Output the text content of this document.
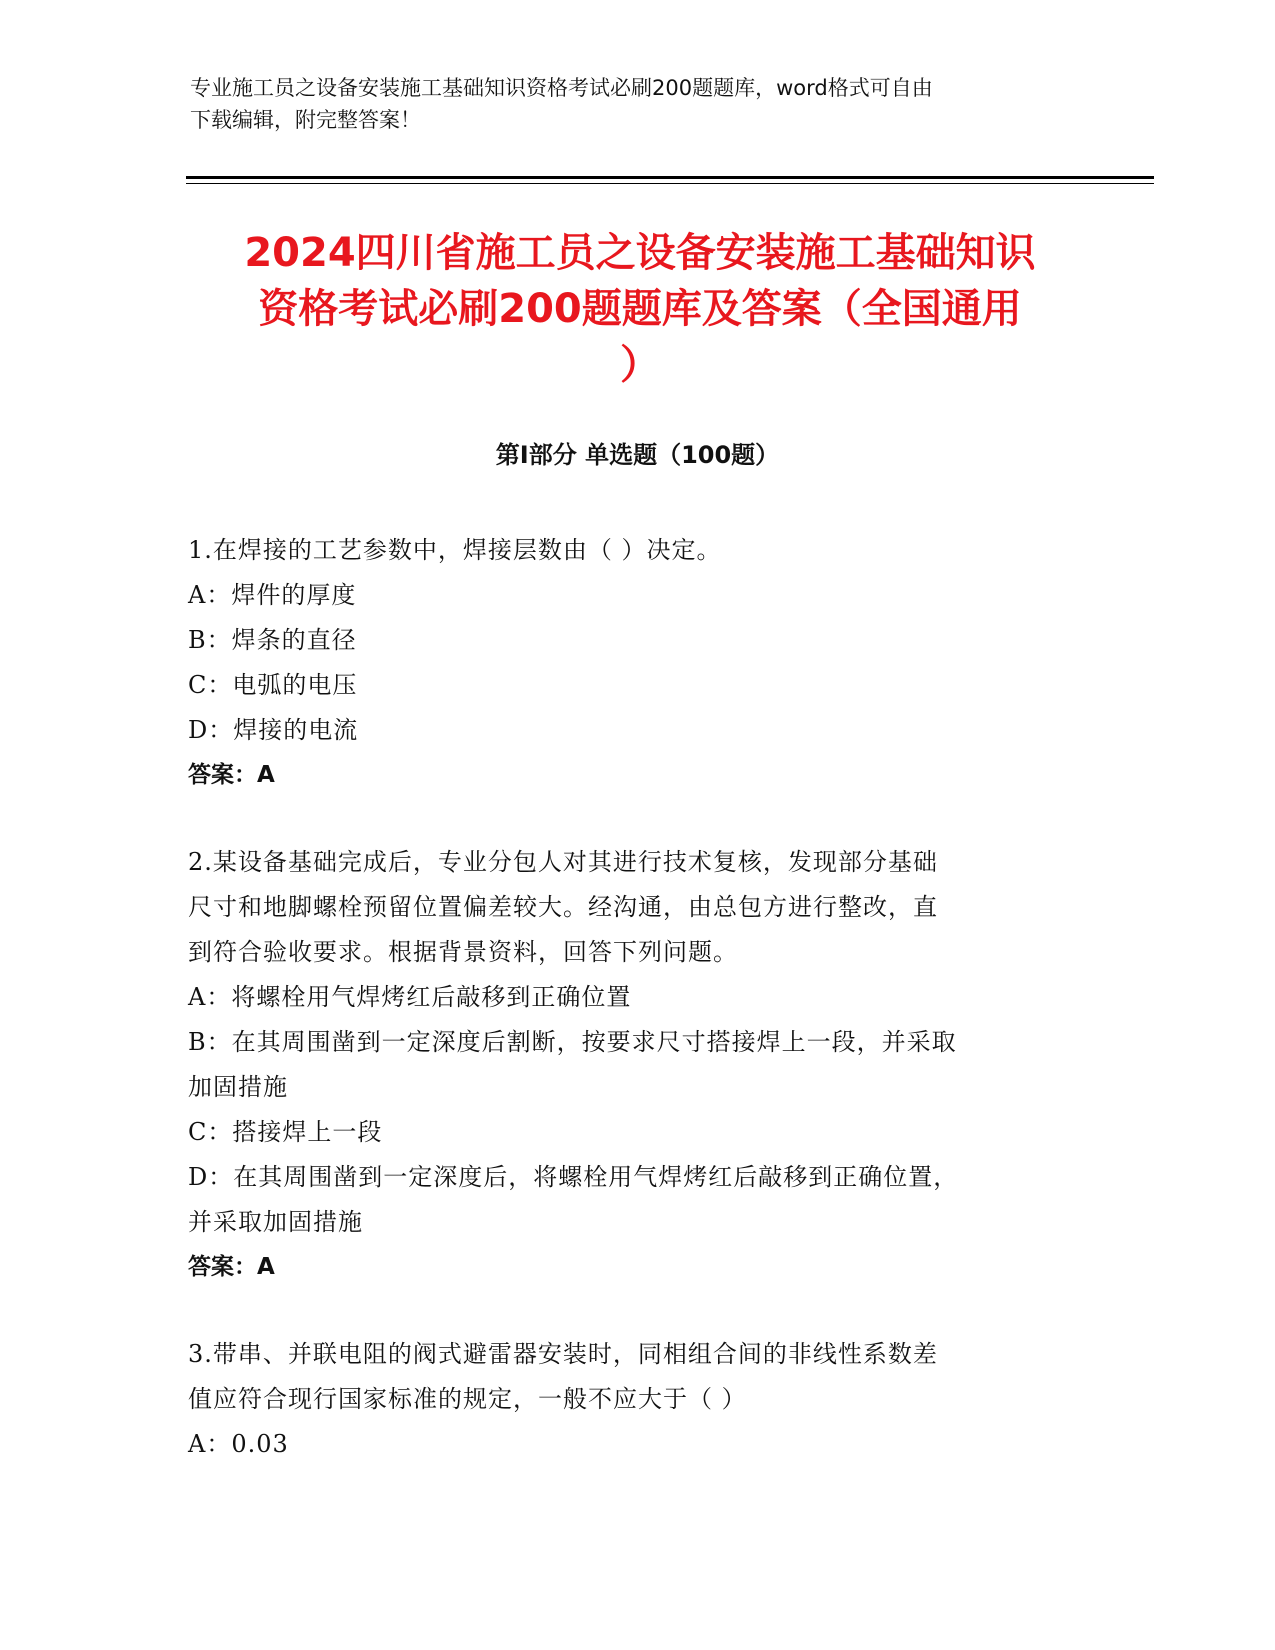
专业施工员之设备安装施工基础知识资格考试必刷200题题库，word格式可自由
下载编辑，附完整答案！
2024四川省施工员之设备安装施工基础知识
资格考试必刷200题题库及答案（全国通用
）
第Ⅰ部分 单选题（100题）
1.在焊接的工艺参数中，焊接层数由（ ）决定。
A：焊件的厚度
B：焊条的直径
C：电弧的电压
D：焊接的电流
答案：A
2.某设备基础完成后，专业分包人对其进行技术复核，发现部分基础
尺寸和地脚螺栓预留位置偏差较大。经沟通，由总包方进行整改，直
到符合验收要求。根据背景资料，回答下列问题。
A：将螺栓用气焊烤红后敲移到正确位置
B：在其周围凿到一定深度后割断，按要求尺寸搭接焊上一段，并采取
加固措施
C：搭接焊上一段
D：在其周围凿到一定深度后，将螺栓用气焊烤红后敲移到正确位置，
并采取加固措施
答案：A
3.带串、并联电阻的阀式避雷器安装时，同相组合间的非线性系数差
值应符合现行国家标准的规定，一般不应大于（ ）
A：0.03
